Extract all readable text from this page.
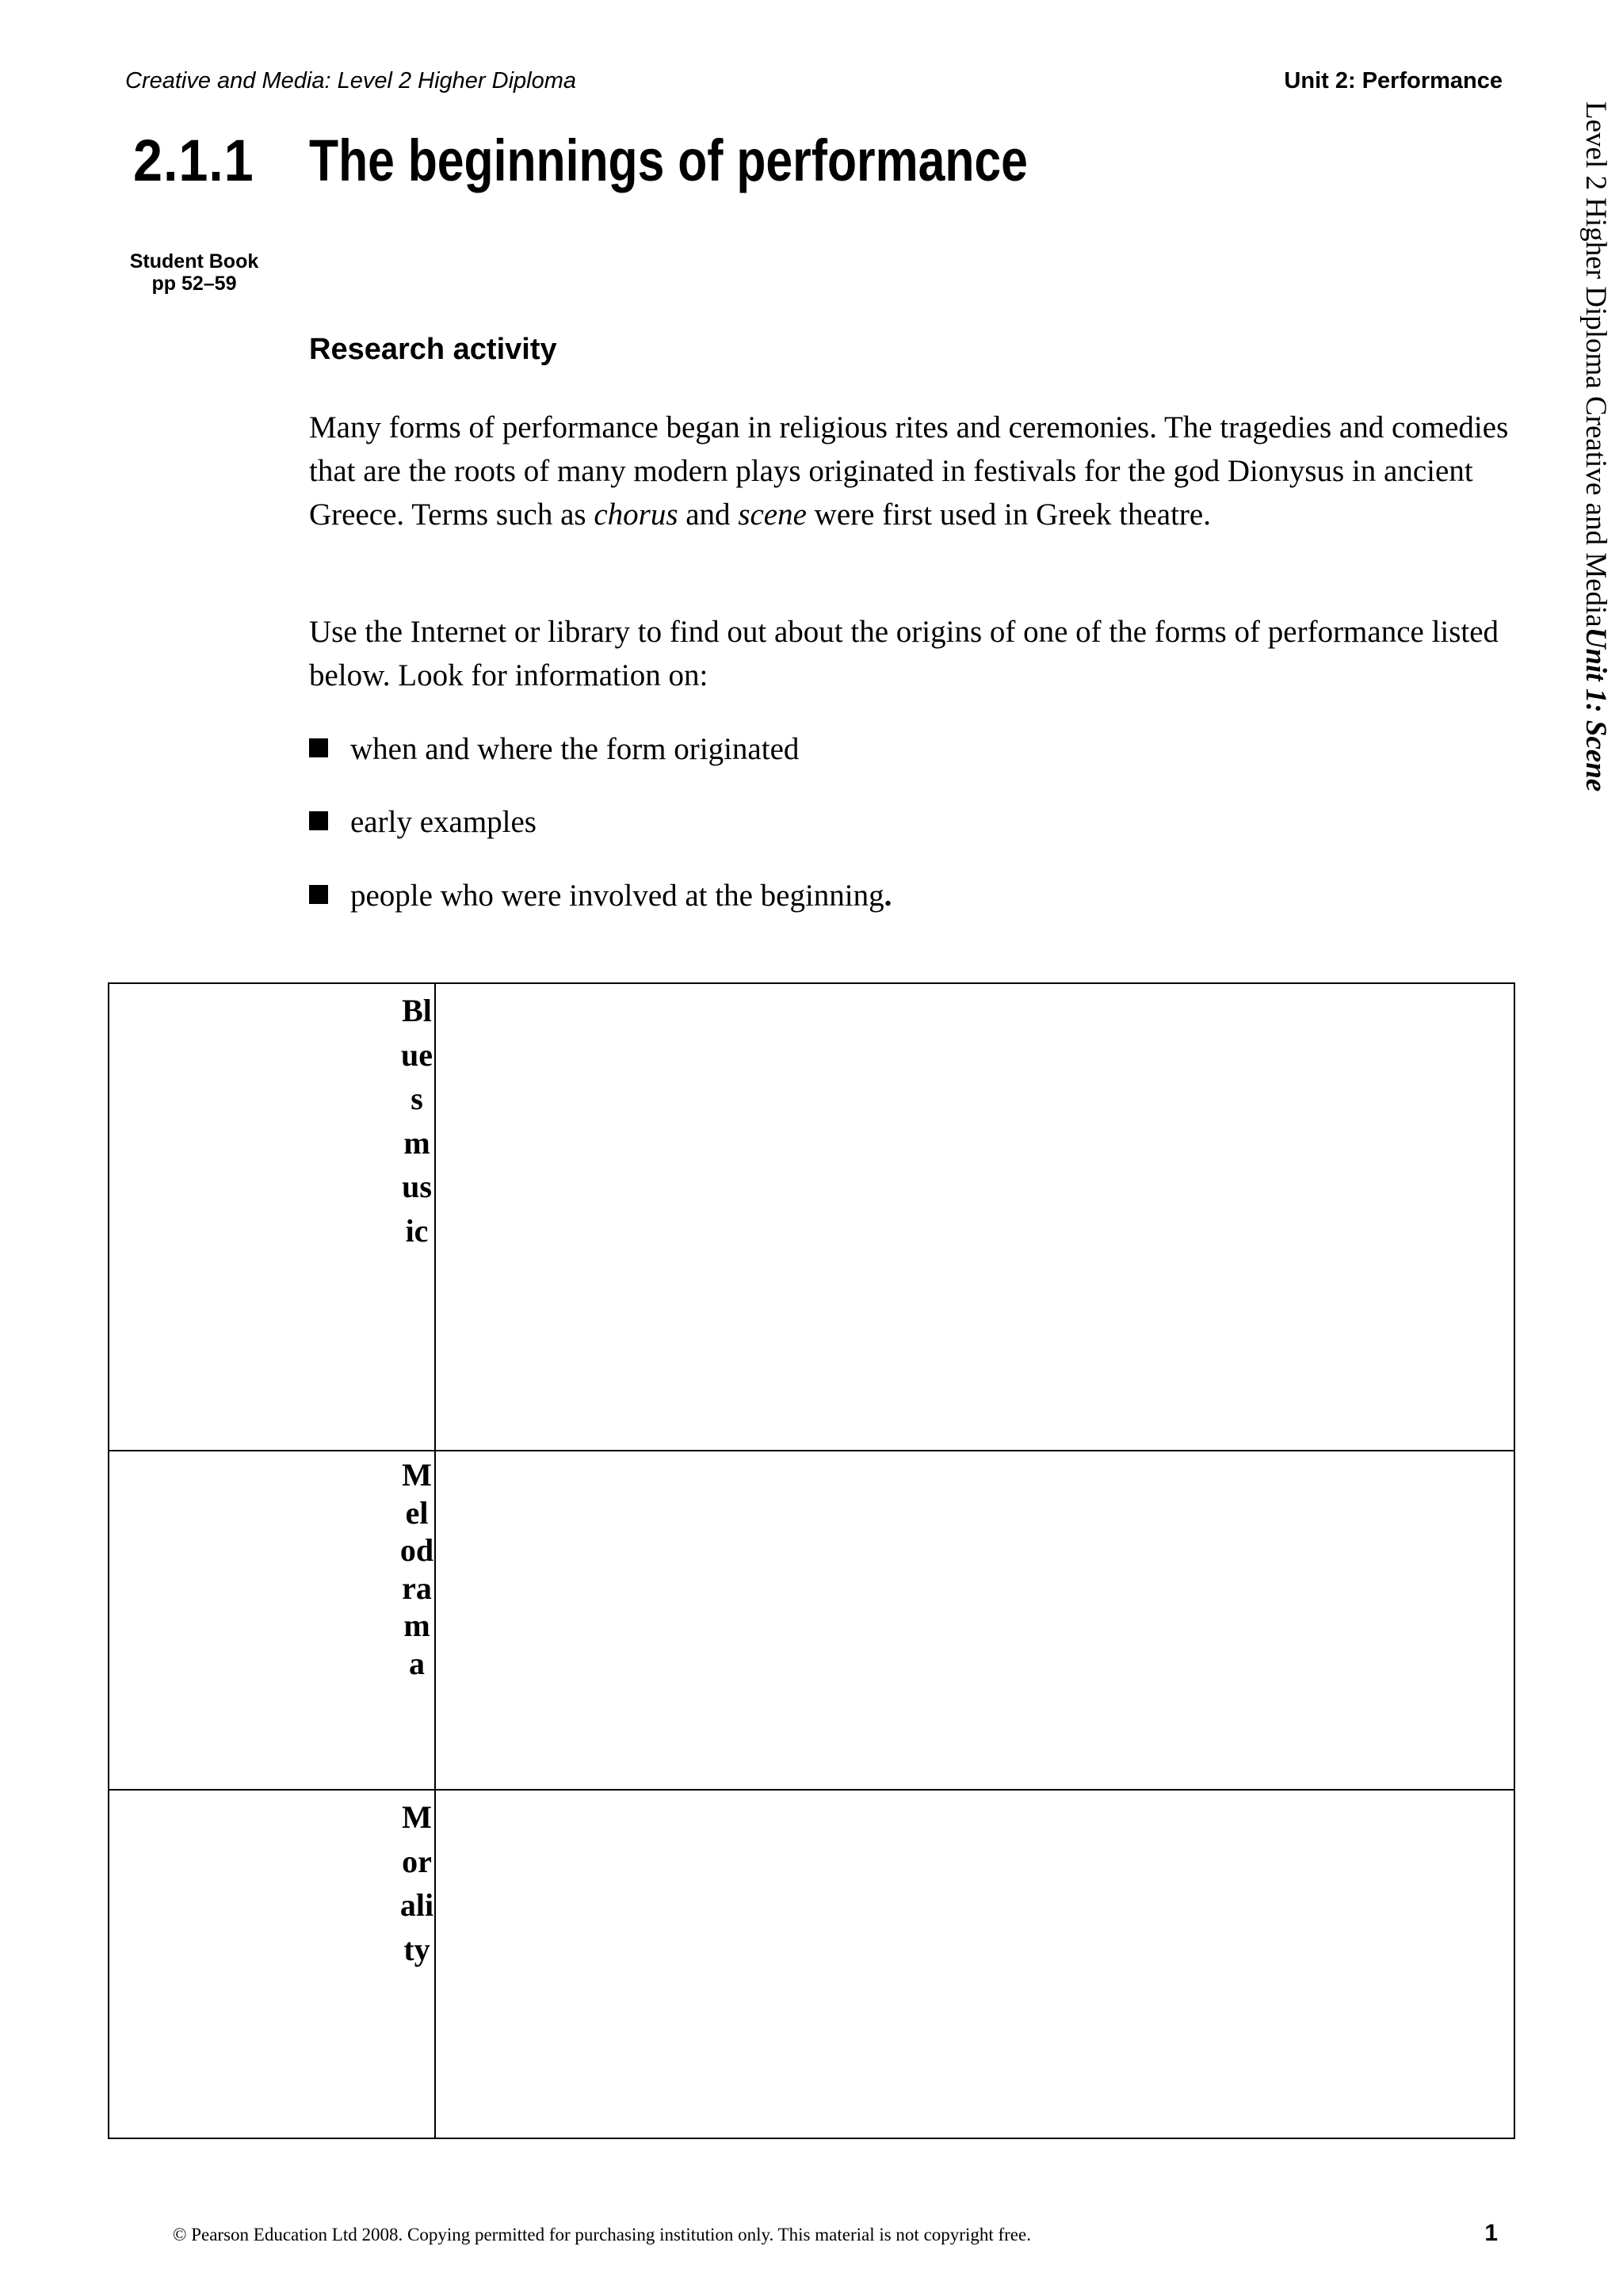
Creative and Media: Level 2 Higher Diploma	Unit 2: Performance
Level 2 Higher Diploma Creative and MediaUnit 1: Scene
2.1.1 The beginnings of performance
Student Book
pp 52–59
Research activity

Many forms of performance began in religious rites and ceremonies. The tragedies and comedies that are the roots of many modern plays originated in festivals for the god Dionysus in ancient Greece. Terms such as chorus and scene were first used in Greek theatre.

Use the Internet or library to find out about the origins of one of the forms of performance listed below. Look for information on:

when and where the form originated
early examples
people who were involved at the beginning.
Blues music	

Melodrama	

Morality	

© Pearson Education Ltd 2008. Copying permitted for purchasing institution only. This material is not copyright free.	1
